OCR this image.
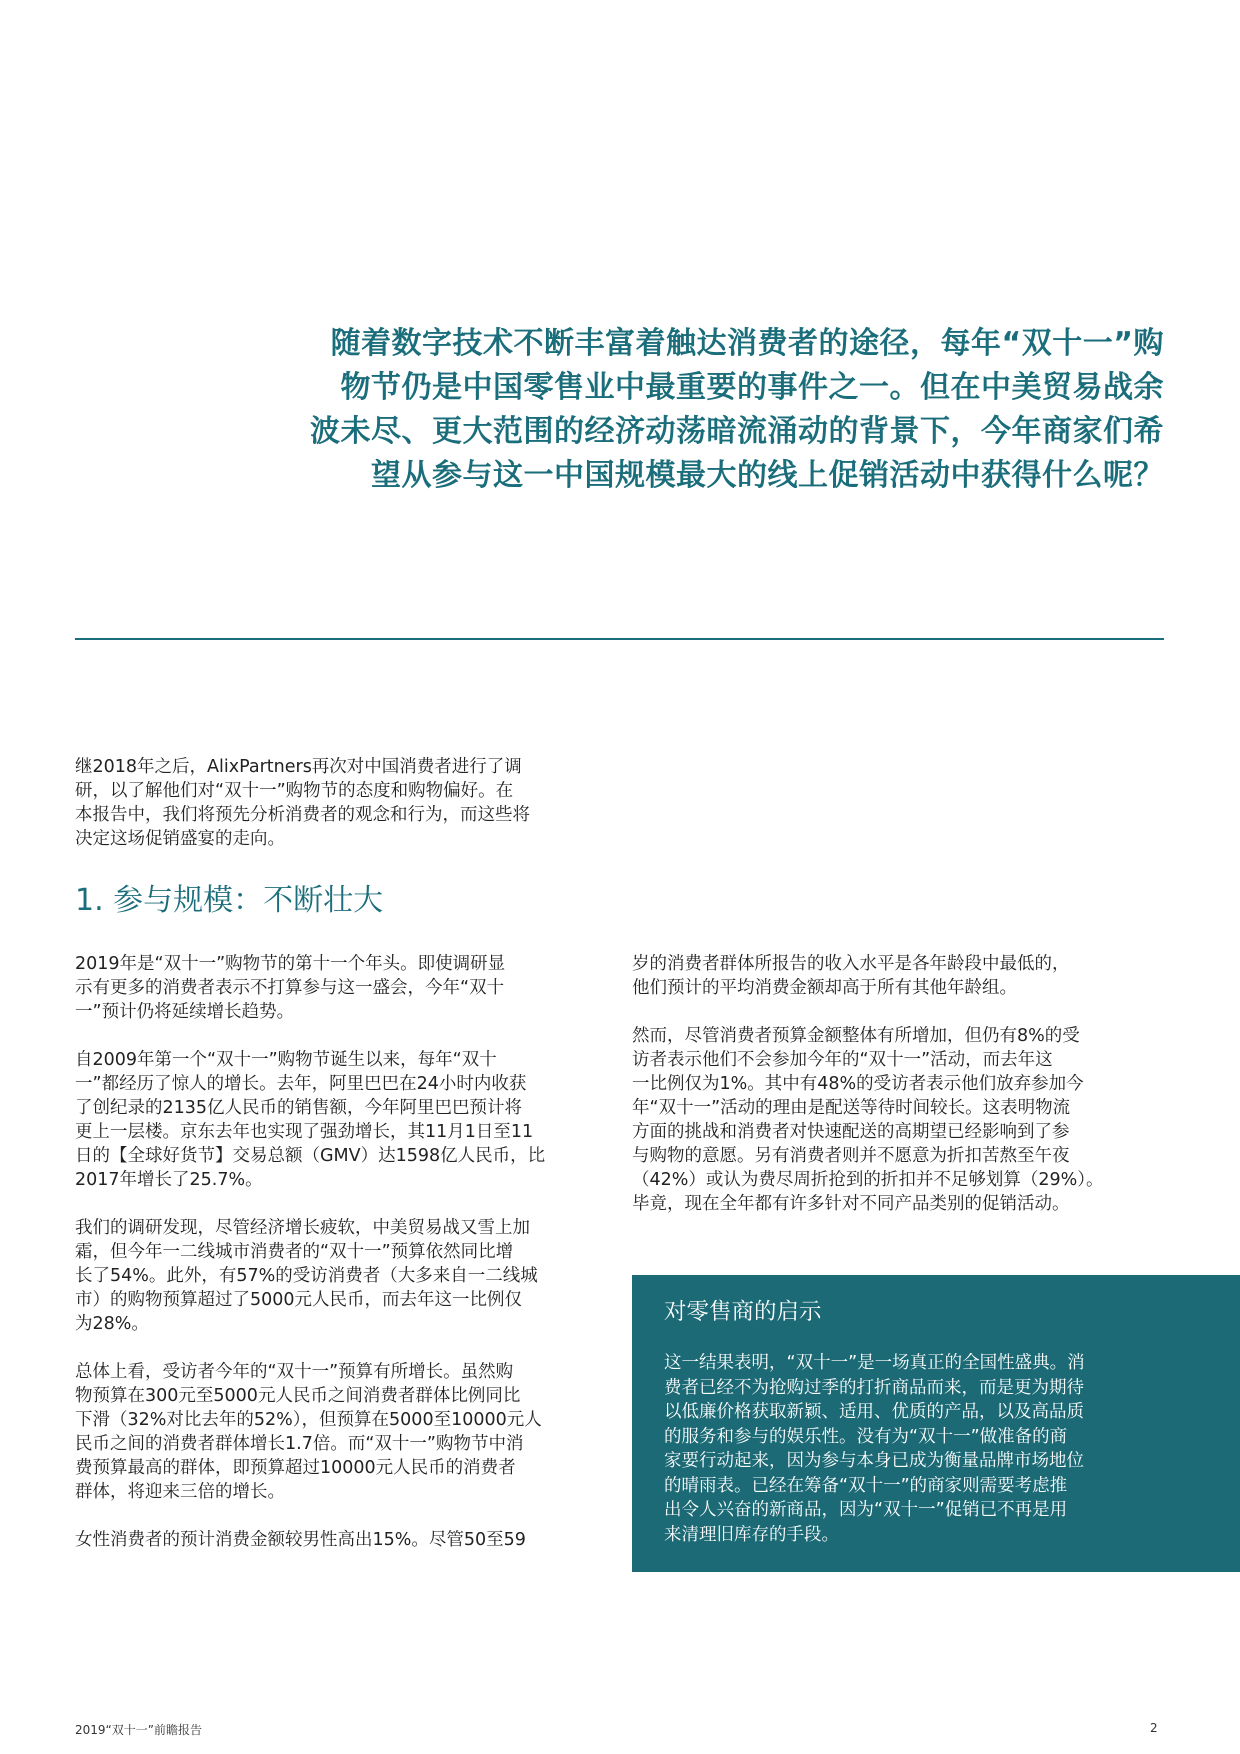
随着数字技术不断丰富着触达消费者的途径，每年“双十一”购
物节仍是中国零售业中最重要的事件之一。但在中美贸易战余
波未尽、更大范围的经济动荡暗流涌动的背景下，今年商家们希
望从参与这一中国规模最大的线上促销活动中获得什么呢？
继2018年之后，AlixPartners再次对中国消费者进行了调
研，以了解他们对“双十一”购物节的态度和购物偏好。在
本报告中，我们将预先分析消费者的观念和行为，而这些将
决定这场促销盛宴的走向。
1. 参与规模：不断壮大
2019年是“双十一”购物节的第十一个年头。即使调研显
示有更多的消费者表示不打算参与这一盛会，今年“双十
一”预计仍将延续增长趋势。
自2009年第一个“双十一”购物节诞生以来，每年“双十
一”都经历了惊人的增长。去年，阿里巴巴在24小时内收获
了创纪录的2135亿人民币的销售额，今年阿里巴巴预计将
更上一层楼。京东去年也实现了强劲增长，其11月1日至11
日的【全球好货节】交易总额（GMV）达1598亿人民币，比
2017年增长了25.7%。
我们的调研发现，尽管经济增长疲软，中美贸易战又雪上加
霜，但今年一二线城市消费者的“双十一”预算依然同比增
长了54%。此外，有57%的受访消费者（大多来自一二线城
市）的购物预算超过了5000元人民币，而去年这一比例仅
为28%。
总体上看，受访者今年的“双十一”预算有所增长。虽然购
物预算在300元至5000元人民币之间消费者群体比例同比
下滑（32%对比去年的52%），但预算在5000至10000元人
民币之间的消费者群体增长1.7倍。而“双十一”购物节中消
费预算最高的群体，即预算超过10000元人民币的消费者
群体，将迎来三倍的增长。
女性消费者的预计消费金额较男性高出15%。尽管50至59
岁的消费者群体所报告的收入水平是各年龄段中最低的，
他们预计的平均消费金额却高于所有其他年龄组。
然而，尽管消费者预算金额整体有所增加，但仍有8%的受
访者表示他们不会参加今年的“双十一”活动，而去年这
一比例仅为1%。其中有48%的受访者表示他们放弃参加今
年“双十一”活动的理由是配送等待时间较长。这表明物流
方面的挑战和消费者对快速配送的高期望已经影响到了参
与购物的意愿。另有消费者则并不愿意为折扣苦熬至午夜
（42%）或认为费尽周折抢到的折扣并不足够划算（29%）。
毕竟，现在全年都有许多针对不同产品类别的促销活动。
对零售商的启示
这一结果表明，“双十一”是一场真正的全国性盛典。消
费者已经不为抢购过季的打折商品而来，而是更为期待
以低廉价格获取新颖、适用、优质的产品，以及高品质
的服务和参与的娱乐性。没有为“双十一”做准备的商
家要行动起来，因为参与本身已成为衡量品牌市场地位
的晴雨表。已经在筹备“双十一”的商家则需要考虑推
出令人兴奋的新商品，因为“双十一”促销已不再是用
来清理旧库存的手段。
2019“双十一”前瞻报告	2
